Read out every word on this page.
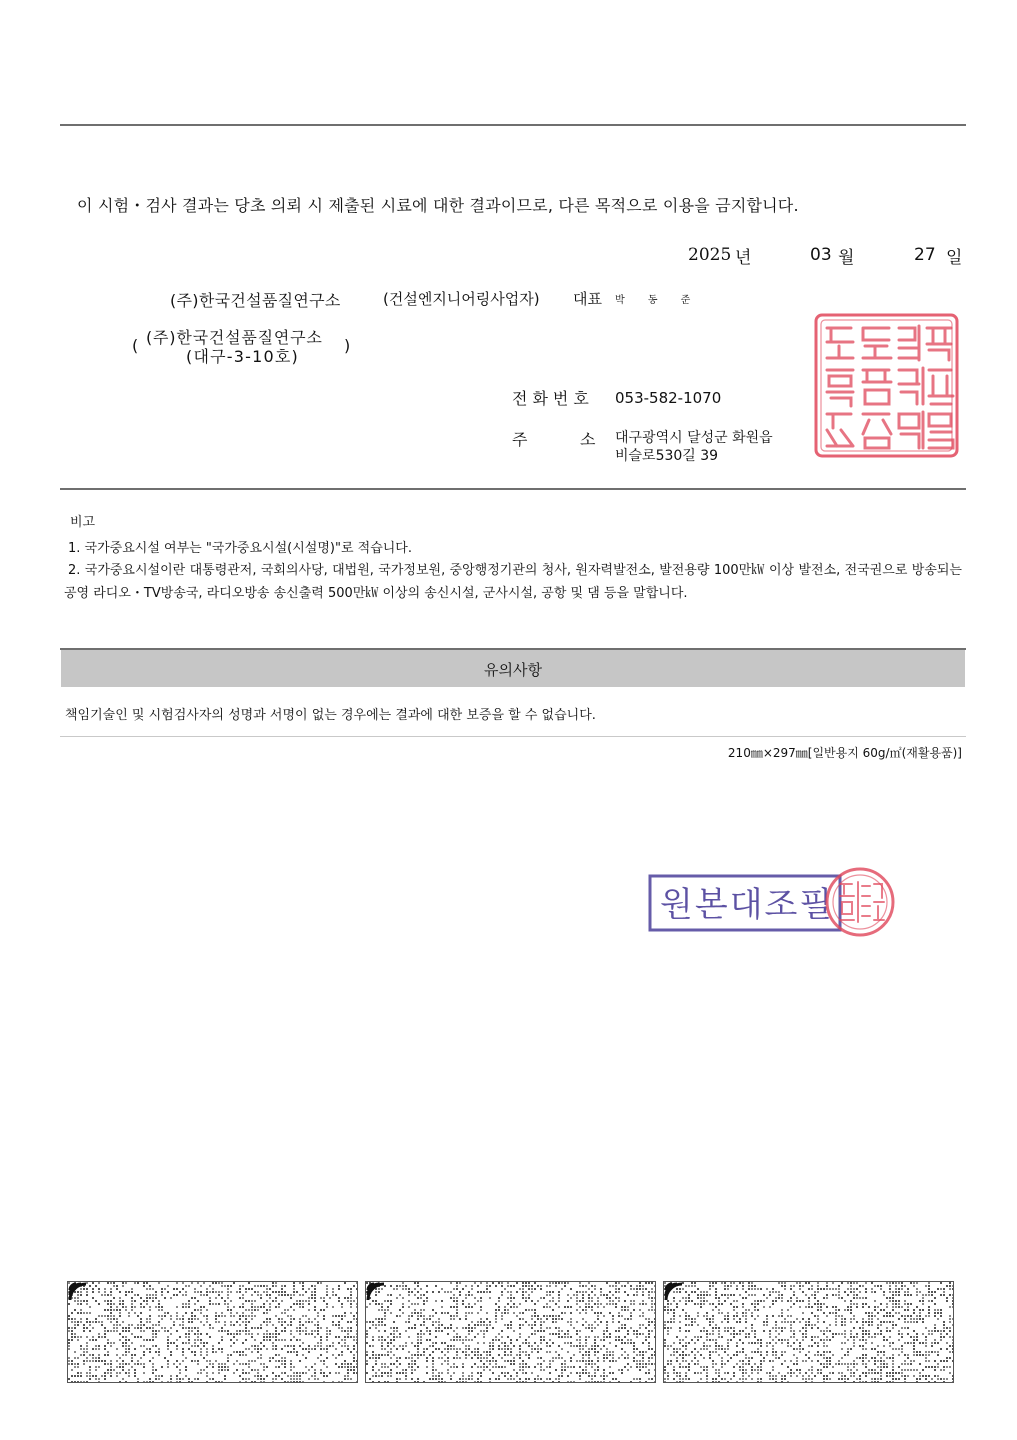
이 시험・검사 결과는 당초 의뢰 시 제출된 시료에 대한 결과이므로, 다른 목적으로 이용을 금지합니다.
2025 년	03 월	27 일
(주)한국건설품질연구소	(건설엔지니어링사업자) 대표 박 동 준
( (주)한국건설품질연구소
(대구-3-10호)
)
전화번호 053-582-1070
주	소 대구광역시 달성군 화원읍
비슬로530길 39
비고
1. 국가중요시설 여부는 "국가중요시설(시설명)"로 적습니다.
2. 국가중요시설이란 대통령관저, 국회의사당, 대법원, 국가정보원, 중앙행정기관의 청사, 원자력발전소, 발전용량 100만㎾ 이상 발전소, 전국권으로 방송되는 공영 라디오・TV방송국, 라디오방송 송신출력 500만㎾ 이상의 송신시설, 군사시설, 공항 및 댐 등을 말합니다.
유의사항
책임기술인 및 시험검사자의 성명과 서명이 없는 경우에는 결과에 대한 보증을 할 수 없습니다.
210㎜×297㎜[일반용지 60g/㎡(재활용품)]
원본대조필
